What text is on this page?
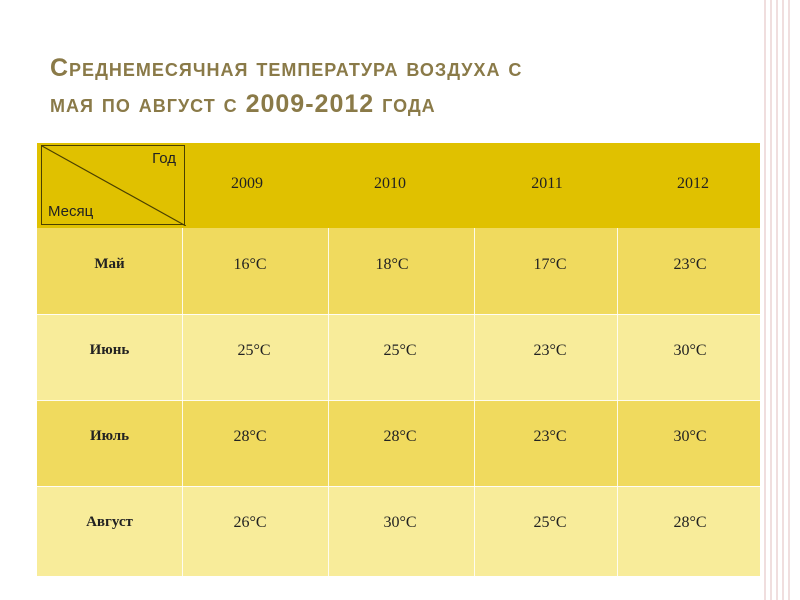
Среднемесячная температура воздуха с
мая по август с 2009-2012 года
Год
Месяц
2009	2010	2011	2012
Май	16°С	18°С	17°С	23°С
Июнь	25°С	25°С	23°С	30°С
Июль	28°С	28°С	23°С	30°С
Август	26°С	30°С	25°С	28°С
